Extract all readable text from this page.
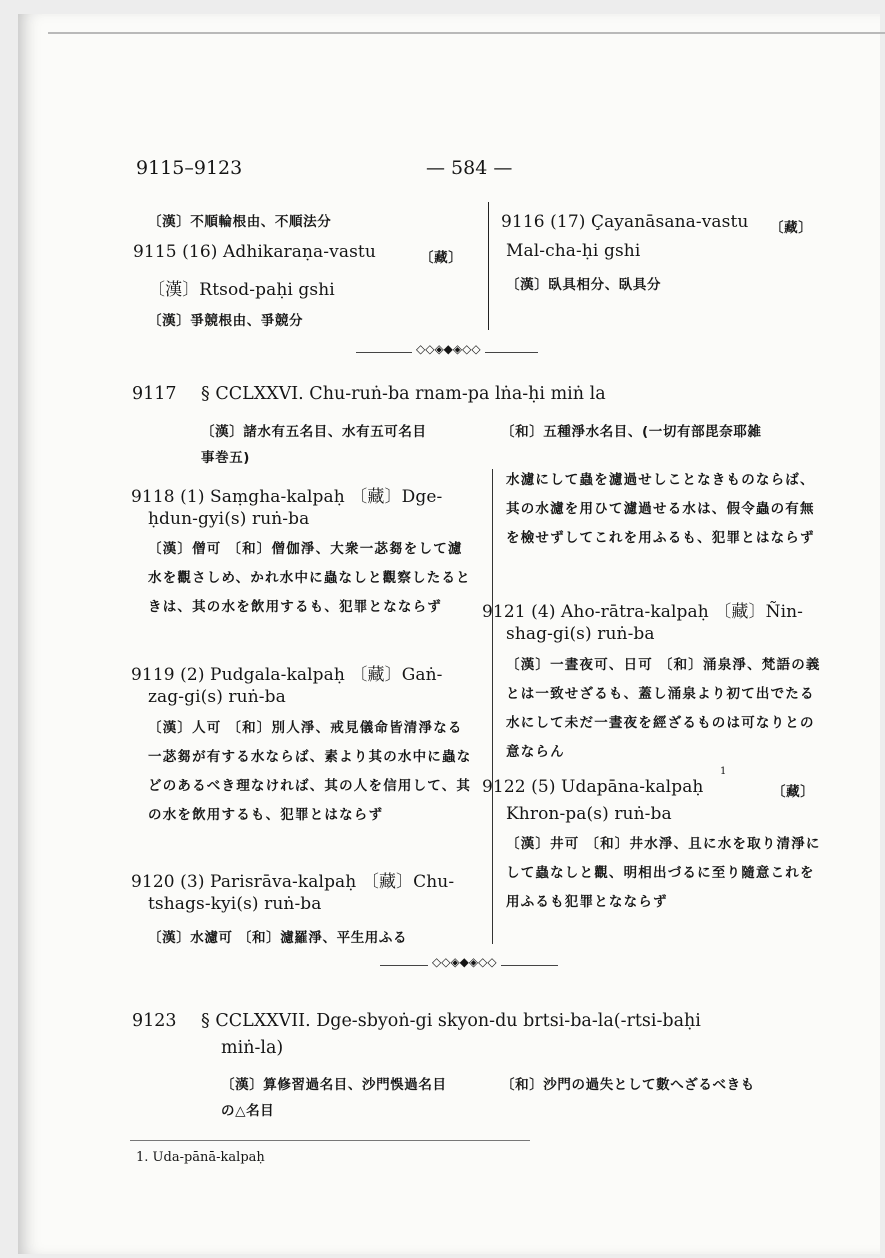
9115–9123	— 584 —
〔漢〕不順輪根由、不順法分
9115 (16) Adhikaraṇa-vastu	〔藏〕
〔漢〕Rtsod-paḥi gshi
〔漢〕爭競根由、爭競分
9116 (17) Çayanāsana-vastu 〔藏〕
Mal-cha-ḥi gshi
〔漢〕臥具相分、臥具分
◇◇◈◆◈◇◇
9117 § CCLXXVI. Chu-ruṅ-ba rnam-pa lṅa-ḥi miṅ la
〔漢〕諸水有五名目、水有五可名目
事巻五)
〔和〕五種淨水名目、(一切有部毘奈耶雑
9118 (1) Saṃgha-kalpaḥ 〔藏〕Dge-
ḥdun-gyi(s) ruṅ-ba
〔漢〕僧可 〔和〕僧伽淨、大衆一苾芻をして濾水を觀さしめ、かれ水中に蟲なしと觀察したるときは、其の水を飲用するも、犯罪となならず
9119 (2) Pudgala-kalpaḥ 〔藏〕Gaṅ-
zag-gi(s) ruṅ-ba
〔漢〕人可 〔和〕別人淨、戒見儀命皆清淨なる一苾芻が有する水ならば、素より其の水中に蟲などのあるべき理なければ、其の人を信用して、其の水を飲用するも、犯罪とはならず
9120 (3) Parisrāva-kalpaḥ 〔藏〕Chu-
tshags-kyi(s) ruṅ-ba
〔漢〕水濾可 〔和〕濾羅淨、平生用ふる
水濾にして蟲を濾過せしことなきものならば、其の水濾を用ひて濾過せる水は、假令蟲の有無を檢せずしてこれを用ふるも、犯罪とはならず
9121 (4) Aho-rātra-kalpaḥ 〔藏〕Ñin-
shag-gi(s) ruṅ-ba
〔漢〕一晝夜可、日可 〔和〕涌泉淨、梵語の義とは一致せざるも、蓋し涌泉より初て出でたる水にして未だ一晝夜を經ざるものは可なりとの意ならん
9122 (5) Udapāna-kalpaḥ
1
〔藏〕
Khron-pa(s) ruṅ-ba
〔漢〕井可 〔和〕井水淨、且に水を取り清淨にして蟲なしと觀、明相出づるに至り隨意これを用ふるも犯罪となならず
◇◇◈◆◈◇◇
9123 § CCLXXVII. Dge-sbyoṅ-gi skyon-du brtsi-ba-la(-rtsi-baḥi
miṅ-la)
〔漢〕算修習過名目、沙門悞過名目
の△名目
〔和〕沙門の過失として數へざるべきも
1. Uda-pānā-kalpaḥ
